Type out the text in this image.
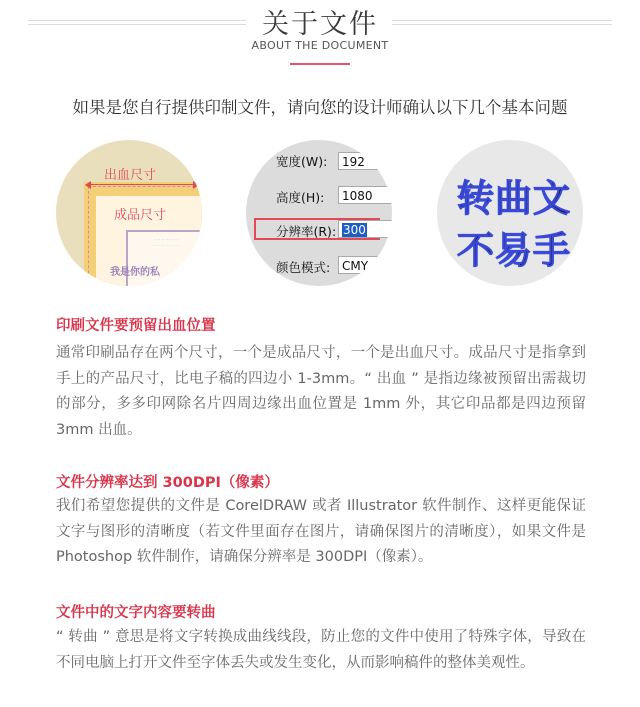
关于文件
ABOUT THE DOCUMENT
如果是您自行提供印制文件，请向您的设计师确认以下几个基本问题
· · · · · · · · · ·
· · · · · · · · · · · ·
出血尺寸
成品尺寸
我是你的私
宽度(W):	192
高度(H):	1080
分辨率(R): 300
颜色模式: CMY
转曲文
不易手
印刷文件要预留出血位置
通常印刷品存在两个尺寸，一个是成品尺寸，一个是出血尺寸。成品尺寸是指拿到手上的产品尺寸，比电子稿的四边小 1-3mm。“ 出血 ” 是指边缘被预留出需裁切的部分，多多印网除名片四周边缘出血位置是 1mm 外，其它印品都是四边预留 3mm 出血。
文件分辨率达到 300DPI（像素）
我们希望您提供的文件是 CorelDRAW 或者 Illustrator 软件制作、这样更能保证文字与图形的清晰度（若文件里面存在图片，请确保图片的清晰度），如果文件是 Photoshop 软件制作，请确保分辨率是 300DPI（像素）。
文件中的文字内容要转曲
“ 转曲 ” 意思是将文字转换成曲线线段，防止您的文件中使用了特殊字体，导致在不同电脑上打开文件至字体丢失或发生变化，从而影响稿件的整体美观性。
